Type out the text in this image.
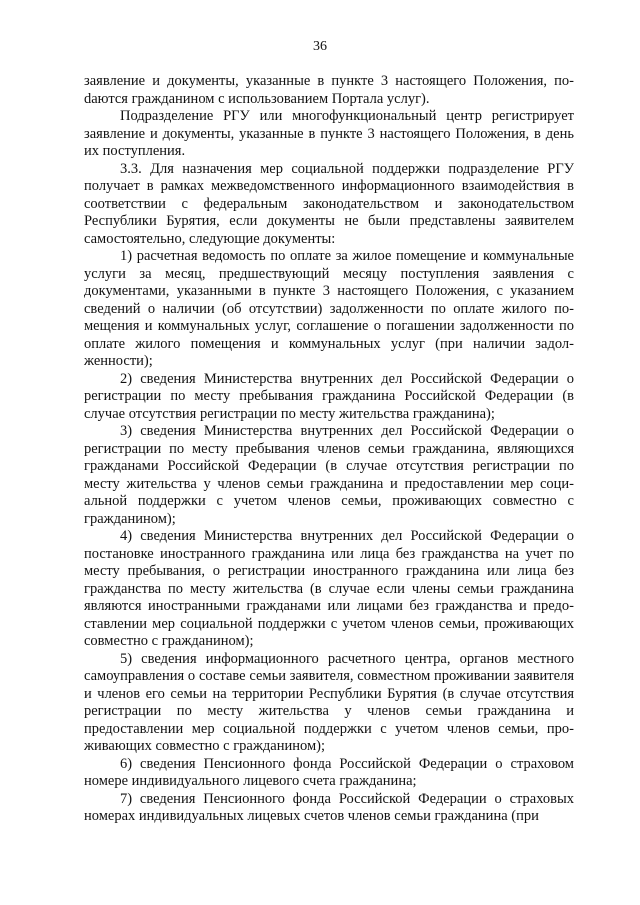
36

заявление и документы, указанные в пункте 3 настоящего Положения, поdаются гражданином с использованием Портала услуг).

Подразделение РГУ или многофункциональный центр регистрирует заявление и документы, указанные в пункте 3 настоящего Положения, в день их поступления.

3.3. Для назначения мер социальной поддержки подразделение РГУ получает в рамках межведомственного информационного взаимодействия в соответствии с федеральным законодательством и законодательством Республики Бурятия, если документы не были представлены заявителем самостоятельно, следующие документы:

1) расчетная ведомость по оплате за жилое помещение и коммунальные услуги за месяц, предшествующий месяцу поступления заявления с документами, указанными в пункте 3 настоящего Положения, с указанием сведений о наличии (об отсутствии) задолженности по оплате жилого помещения и коммунальных услуг, соглашение о погашении задолженности по оплате жилого помещения и коммунальных услуг (при наличии задолженности);

2) сведения Министерства внутренних дел Российской Федерации о регистрации по месту пребывания гражданина Российской Федерации (в случае отсутствия регистрации по месту жительства гражданина);

3) сведения Министерства внутренних дел Российской Федерации о регистрации по месту пребывания членов семьи гражданина, являющихся гражданами Российской Федерации (в случае отсутствия регистрации по месту жительства у членов семьи гражданина и предоставлении мер социальной поддержки с учетом членов семьи, проживающих совместно с гражданином);

4) сведения Министерства внутренних дел Российской Федерации о постановке иностранного гражданина или лица без гражданства на учет по месту пребывания, о регистрации иностранного гражданина или лица без гражданства по месту жительства (в случае если члены семьи гражданина являются иностранными гражданами или лицами без гражданства и предоставлении мер социальной поддержки с учетом членов семьи, проживающих совместно с гражданином);

5) сведения информационного расчетного центра, органов местного самоуправления о составе семьи заявителя, совместном проживании заявителя и членов его семьи на территории Республики Бурятия (в случае отсутствия регистрации по месту жительства у членов семьи гражданина и предоставлении мер социальной поддержки с учетом членов семьи, проживающих совместно с гражданином);

6) сведения Пенсионного фонда Российской Федерации о страховом номере индивидуального лицевого счета гражданина;

7) сведения Пенсионного фонда Российской Федерации о страховых номерах индивидуальных лицевых счетов членов семьи гражданина (при
